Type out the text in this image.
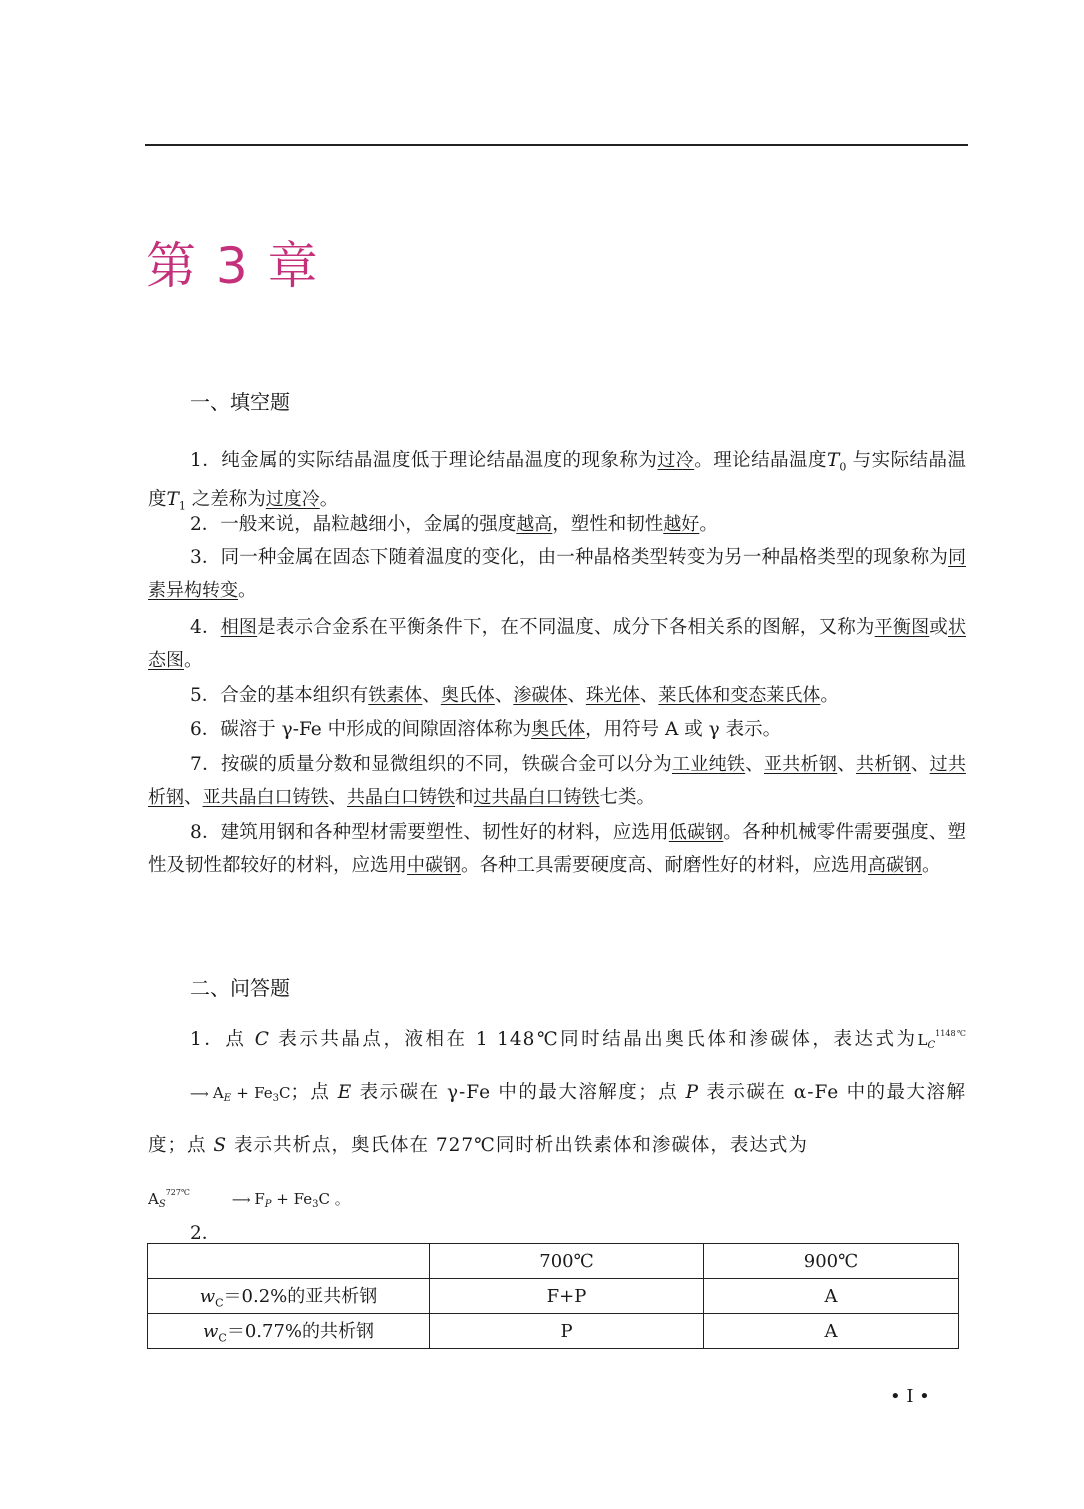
第 3 章
一、填空题

1．纯金属的实际结晶温度低于理论结晶温度的现象称为过冷。理论结晶温度$T_0$ 与实际结晶温度$T_1$ 之差称为过度冷。

2．一般来说，晶粒越细小，金属的强度越高，塑性和韧性越好。

3．同一种金属在固态下随着温度的变化，由一种晶格类型转变为另一种晶格类型的现象称为同素异构转变。

4．相图是表示合金系在平衡条件下，在不同温度、成分下各相关系的图解，又称为平衡图或状态图。

5．合金的基本组织有铁素体、奥氏体、渗碳体、珠光体、莱氏体和变态莱氏体。

6．碳溶于 γ-Fe 中形成的间隙固溶体称为奥氏体，用符号 A 或 γ 表示。

7．按碳的质量分数和显微组织的不同，铁碳合金可以分为工业纯铁、亚共析钢、共析钢、过共析钢、亚共晶白口铸铁、共晶白口铸铁和过共晶白口铸铁七类。

8．建筑用钢和各种型材需要塑性、韧性好的材料，应选用低碳钢。各种机械零件需要强度、塑性及韧性都较好的材料，应选用中碳钢。各种工具需要硬度高、耐磨性好的材料，应选用高碳钢。

二、问答题

1．点 C 表示共晶点，液相在 1 148℃同时结晶出奥氏体和渗碳体，表达式为$L_C^{1148℃}⟶$ $A_E + Fe_3C$；点 E 表示碳在 γ-Fe 中的最大溶解度；点 P 表示碳在 α-Fe 中的最大溶解度；点 S 表示共析点，奥氏体在 727℃同时析出铁素体和渗碳体，表达式为
$A_S^{727℃}⟶$ $F_P + Fe_3C$ 。

2．
	700℃	900℃
$w_C=0.2\%$的亚共析钢	F+P	A
$w_C=0.77\%$的共析钢	P	A
• I •
